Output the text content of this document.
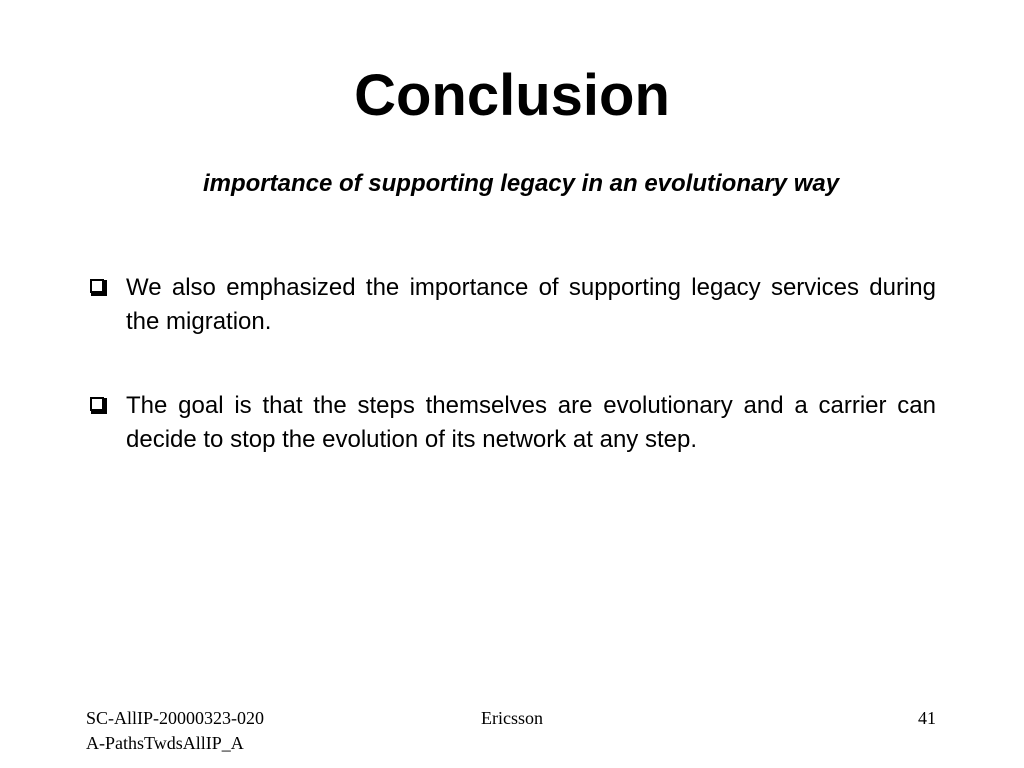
Conclusion
importance of supporting legacy in an evolutionary way
We also emphasized the importance of supporting legacy services during the migration.
The goal is that the steps themselves are evolutionary and a carrier can decide to stop the evolution of its network at any step.
SC-AllIP-20000323-020A-PathsTwdsAllIP_A
Ericsson	41
